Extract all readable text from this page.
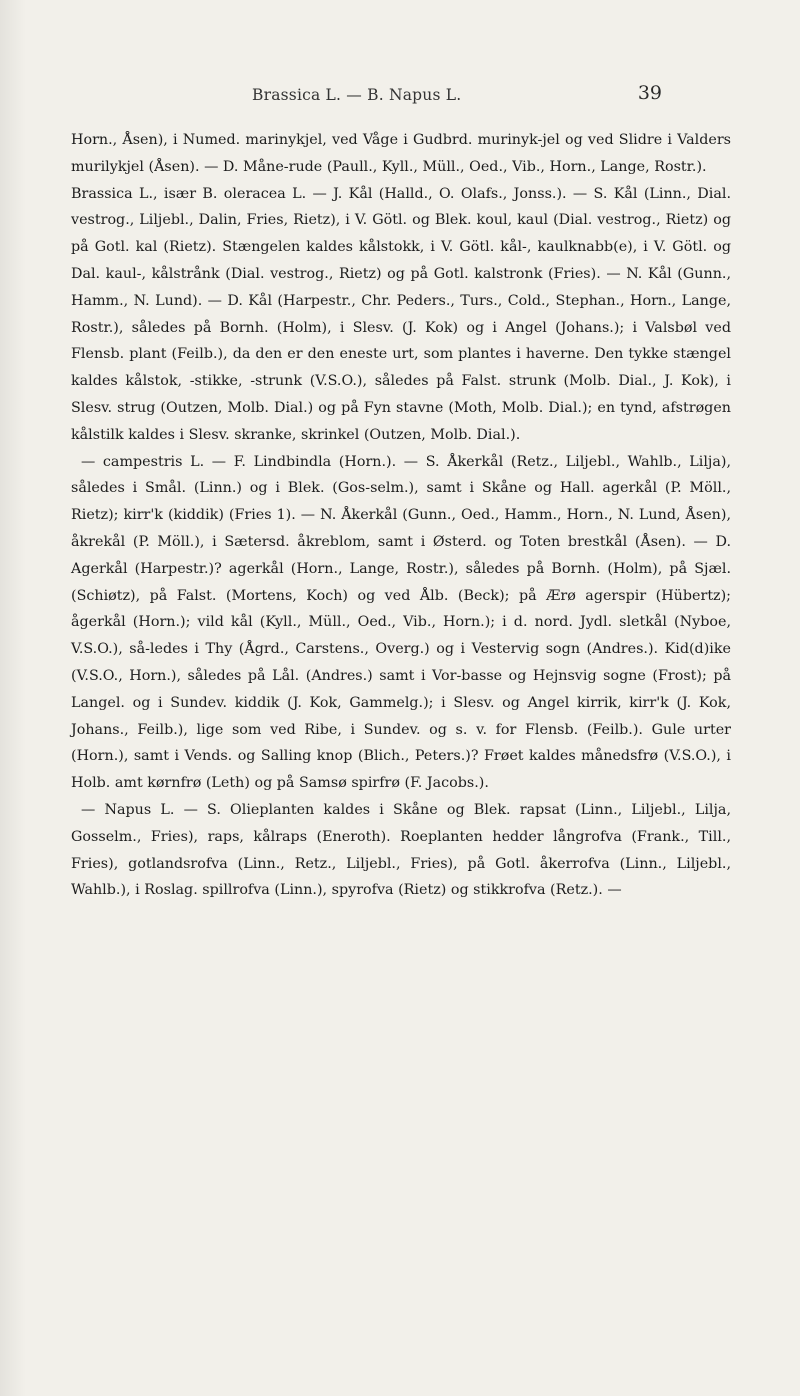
Brassica L. — B. Napus L.	39

Horn., Åsen), i Numed. marinykjel, ved Våge i Gudbrd. murinyk-jel og ved Slidre i Valders murilykjel (Åsen). — D. Måne-rude (Paull., Kyll., Müll., Oed., Vib., Horn., Lange, Rostr.).

Brassica L., især B. oleracea L. — J. Kål (Halld., O. Olafs., Jonss.). — S. Kål (Linn., Dial. vestrog., Liljebl., Dalin, Fries, Rietz), i V. Götl. og Blek. koul, kaul (Dial. vestrog., Rietz) og på Gotl. kal (Rietz). Stængelen kaldes kålstokk, i V. Götl. kål-, kaulknabb(e), i V. Götl. og Dal. kaul-, kålstrånk (Dial. vestrog., Rietz) og på Gotl. kalstronk (Fries). — N. Kål (Gunn., Hamm., N. Lund). — D. Kål (Harpestr., Chr. Peders., Turs., Cold., Stephan., Horn., Lange, Rostr.), således på Bornh. (Holm), i Slesv. (J. Kok) og i Angel (Johans.); i Valsbøl ved Flensb. plant (Feilb.), da den er den eneste urt, som plantes i haverne. Den tykke stængel kaldes kålstok, -stikke, -strunk (V.S.O.), således på Falst. strunk (Molb. Dial., J. Kok), i Slesv. strug (Outzen, Molb. Dial.) og på Fyn stavne (Moth, Molb. Dial.); en tynd, afstrøgen kålstilk kaldes i Slesv. skranke, skrinkel (Outzen, Molb. Dial.).

— campestris L. — F. Lindbindla (Horn.). — S. Åkerkål (Retz., Liljebl., Wahlb., Lilja), således i Smål. (Linn.) og i Blek. (Gos-selm.), samt i Skåne og Hall. agerkål (P. Möll., Rietz); kirr'k (kiddik) (Fries 1). — N. Åkerkål (Gunn., Oed., Hamm., Horn., N. Lund, Åsen), åkrekål (P. Möll.), i Sætersd. åkreblom, samt i Østerd. og Toten brestkål (Åsen). — D. Agerkål (Harpestr.)? agerkål (Horn., Lange, Rostr.), således på Bornh. (Holm), på Sjæl. (Schiøtz), på Falst. (Mortens, Koch) og ved Ålb. (Beck); på Ærø agerspir (Hübertz); ågerkål (Horn.); vild kål (Kyll., Müll., Oed., Vib., Horn.); i d. nord. Jydl. sletkål (Nyboe, V.S.O.), så-ledes i Thy (Ågrd., Carstens., Overg.) og i Vestervig sogn (Andres.). Kid(d)ike (V.S.O., Horn.), således på Lål. (Andres.) samt i Vor-basse og Hejnsvig sogne (Frost); på Langel. og i Sundev. kiddik (J. Kok, Gammelg.); i Slesv. og Angel kirrik, kirr'k (J. Kok, Johans., Feilb.), lige som ved Ribe, i Sundev. og s. v. for Flensb. (Feilb.). Gule urter (Horn.), samt i Vends. og Salling knop (Blich., Peters.)? Frøet kaldes månedsfrø (V.S.O.), i Holb. amt kørnfrø (Leth) og på Samsø spirfrø (F. Jacobs.).

— Napus L. — S. Olieplanten kaldes i Skåne og Blek. rapsat (Linn., Liljebl., Lilja, Gosselm., Fries), raps, kålraps (Eneroth). Roeplanten hedder långrofva (Frank., Till., Fries), gotlandsrofva (Linn., Retz., Liljebl., Fries), på Gotl. åkerrofva (Linn., Liljebl., Wahlb.), i Roslag. spillrofva (Linn.), spyrofva (Rietz) og stikkrofva (Retz.). —
